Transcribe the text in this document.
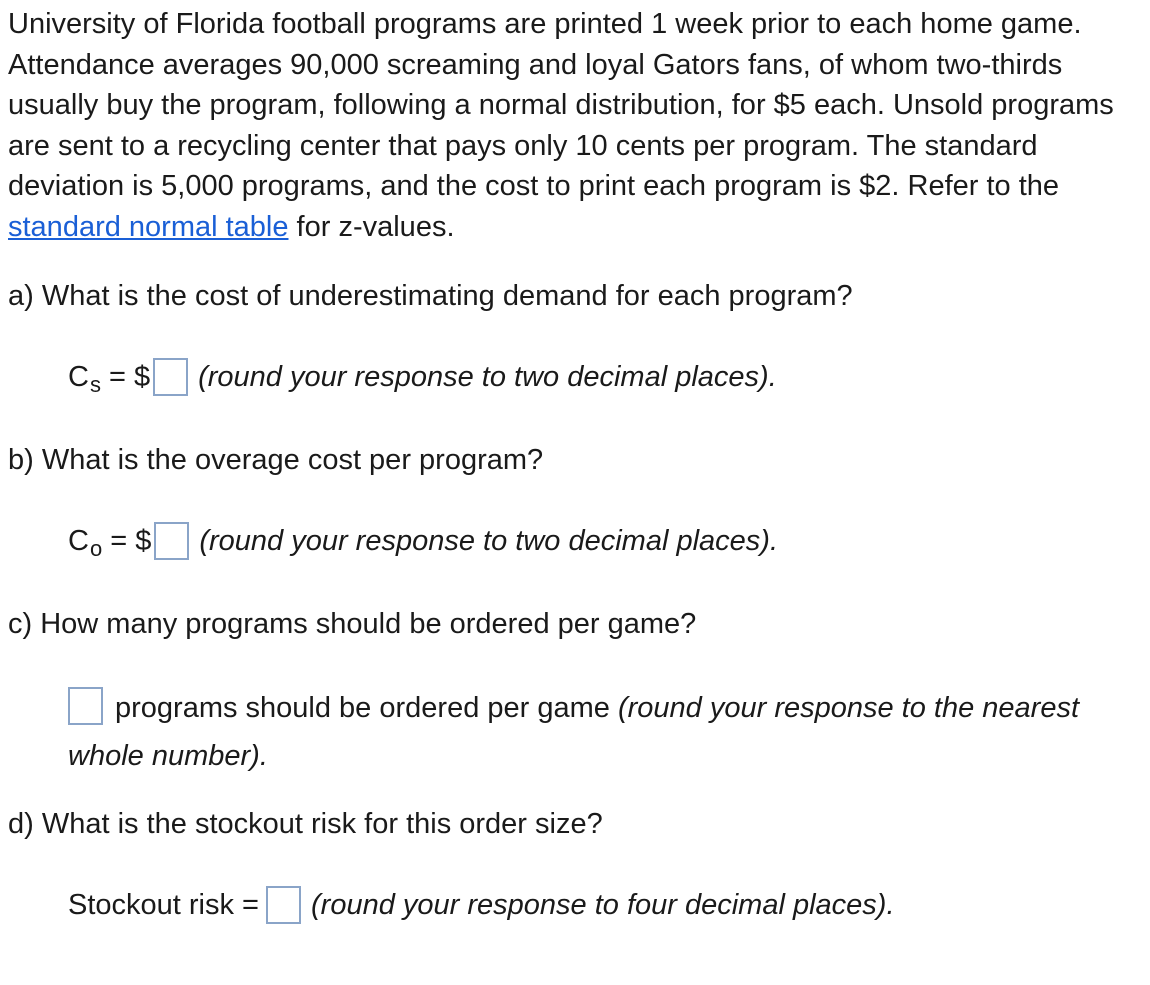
University of Florida football programs are printed 1 week prior to each home game. Attendance averages 90,000 screaming and loyal Gators fans, of whom two-thirds usually buy the program, following a normal distribution, for $5 each. Unsold programs are sent to a recycling center that pays only 10 cents per program. The standard deviation is 5,000 programs, and the cost to print each program is $2. Refer to the standard normal table for z-values.

a) What is the cost of underestimating demand for each program?

$C_s$ = $ (round your response to two decimal places).

b) What is the overage cost per program?

$C_o$ = $ (round your response to two decimal places).

c) How many programs should be ordered per game?

programs should be ordered per game (round your response to the nearest whole number).

d) What is the stockout risk for this order size?

Stockout risk = (round your response to four decimal places).
